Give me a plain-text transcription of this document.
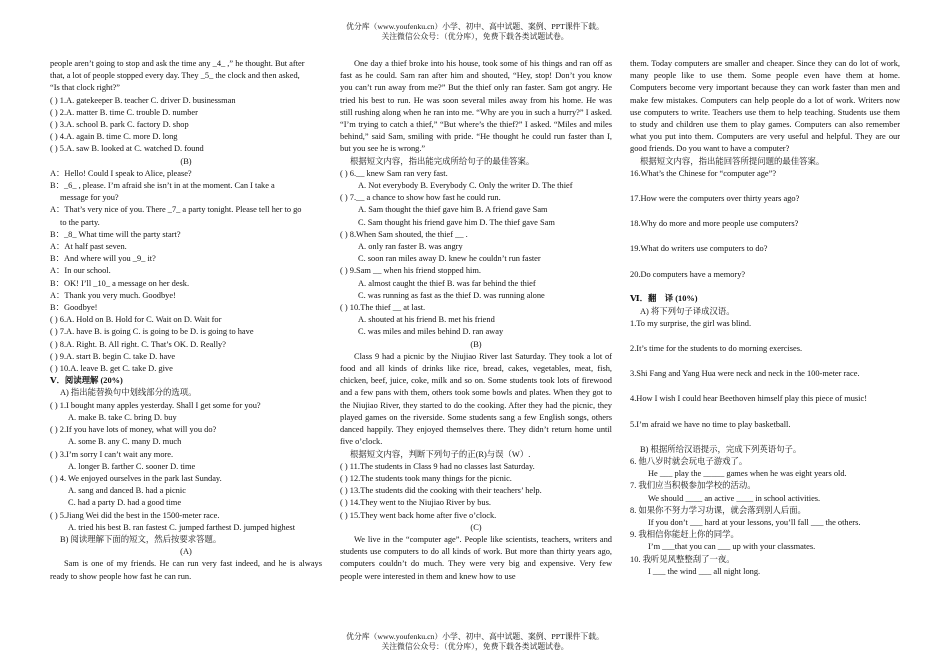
优分库（www.youfenku.cn）小学、初中、高中试题、案例、PPT课件下载。
关注微信公众号：（优分库），免费下载各类试题试卷。
people aren’t going to stop and ask the time any _4_ ,” he thought. But after
that, a lot of people stopped every day. They _5_ the clock and then asked,
“Is that clock right?”
( ) 1.A. gatekeeper B. teacher C. driver D. businessman
( ) 2.A. matter B. time C. trouble D. number
( ) 3.A. school B. park C. factory D. shop
( ) 4.A. again B. time C. more D. long
( ) 5.A. saw B. looked at C. watched D. found
(B)
A：Hello! Could I speak to Alice, please?
B：_6_ , please. I’m afraid she isn’t in at the moment. Can I take a
message for you?
A：That’s very nice of you. There _7_ a party tonight. Please tell her to go
to the party.
B：_8_ What time will the party start?
A：At half past seven.
B：And where will you _9_ it?
A：In our school.
B：OK! I’ll _10_ a message on her desk.
A：Thank you very much. Goodbye!
B：Goodbye!
( ) 6.A. Hold on B. Hold for C. Wait on D. Wait for
( ) 7.A. have B. is going C. is going to be D. is going to have
( ) 8.A. Right. B. All right. C. That’s OK. D. Really?
( ) 9.A. start B. begin C. take D. have
( ) 10.A. leave B. get C. take D. give
Ⅴ．阅读理解 (20%)
A) 指出能替换句中划线部分的选项。
( ) 1.I bought many apples yesterday. Shall I get some for you?
A. make B. take C. bring D. buy
( ) 2.If you have lots of money, what will you do?
A. some B. any C. many D. much
( ) 3.I’m sorry I can’t wait any more.
A. longer B. farther C. sooner D. time
( ) 4. We enjoyed ourselves in the park last Sunday.
A. sang and danced B. had a picnic
C. had a party D. had a good time
( ) 5.Jiang Wei did the best in the 1500-meter race.
A. tried his best B. ran fastest C. jumped farthest D. jumped highest
B) 阅读理解下面的短文，然后按要求答题。
(A)

Sam is one of my friends. He can run very fast indeed, and he is always ready to show people how fast he can run.

One day a thief broke into his house, took some of his things and ran off as fast as he could. Sam ran after him and shouted, “Hey, stop! Don’t you know you can’t run away from me?” But the thief only ran faster. Sam got angry. He tried his best to run. He was soon several miles away from his home. He was still rushing along when he ran into me. “Why are you in such a hurry?” I asked. “I’m trying to catch a thief,” “But where’s the thief?” I asked. “Miles and miles behind,” said Sam, smiling with pride. “He thought he could run faster than I, but you see he is wrong.”

根据短文内容，指出能完成所给句子的最佳答案。
( ) 6.__ knew Sam ran very fast.
A. Not everybody B. Everybody C. Only the writer D. The thief
( ) 7.__ a chance to show how fast he could run.
A. Sam thought the thief gave him B. A friend gave Sam
C. Sam thought his friend gave him D. The thief gave Sam
( ) 8.When Sam shouted, the thief __ .
A. only ran faster B. was angry
C. soon ran miles away D. knew he couldn’t run faster
( ) 9.Sam __ when his friend stopped him.
A. almost caught the thief B. was far behind the thief
C. was running as fast as the thief D. was running alone
( ) 10.The thief __ at last.
A. shouted at his friend B. met his friend
C. was miles and miles behind D. ran away
(B)

Class 9 had a picnic by the Niujiao River last Saturday. They took a lot of food and all kinds of drinks like rice, bread, cakes, vegetables, meat, fish, chicken, beef, juice, coke, milk and so on. Some students took lots of firewood and a few pans with them, others took some bowls and plates. When they got to the Niujiao River, they started to do the cooking. After they had the picnic, they played games on the riverside. Some students sang a few English songs, others danced happily. They enjoyed themselves there. They didn’t return home until five o’clock.

根据短文内容，判断下列句子的正(R)与误（W）.
( ) 11.The students in Class 9 had no classes last Saturday.
( ) 12.The students took many things for the picnic.
( ) 13.The students did the cooking with their teachers’ help.
( ) 14.They went to the Niujiao River by bus.
( ) 15.They went back home after five o’clock.
(C)

We live in the “computer age”. People like scientists, teachers, writers and students use computers to do all kinds of work. But more than thirty years ago, computers couldn’t do much. They were very big and expensive. Very few people were interested in them and knew how to use

them. Today computers are smaller and cheaper. Since they can do lot of work, many people like to use them. Some people even have them at home. Computers become very important because they can work faster than men and make few mistakes. Computers can help people do a lot of work. Writers now use computers to write. Teachers use them to help teaching. Students use them to study and children use them to play games. Computers can also remember what you put into them. Computers are very useful and helpful. They are our good friends. Do you want to have a computer?

根据短文内容，指出能回答所提问题的最佳答案。
16.What’s the Chinese for “computer age”?
17.How were the computers over thirty years ago?
18.Why do more and more people use computers?
19.What do writers use computers to do?
20.Do computers have a memory?
Ⅵ．翻　译 (10%)
A) 将下列句子译成汉语。
1.To my surprise, the girl was blind.
2.It’s time for the students to do morning exercises.
3.Shi Fang and Yang Hua were neck and neck in the 100-meter race.
4.How I wish I could hear Beethoven himself play this piece of music!
5.I’m afraid we have no time to play basketball.
B) 根据所给汉语提示，完成下列英语句子。
6. 他八岁时就会玩电子游戏了。
He ___ play the _____ games when he was eight years old.
7. 我们应当积极参加学校的活动。
We should ____ an active ____ in school activities.
8. 如果你不努力学习功课，就会落到别人后面。
If you don’t ___ hard at your lessons, you’ll fall ___ the others.
9. 我相信你能赶上你的同学。
I’m ___that you can ___ up with your classmates.
10. 我听见风整整刮了一夜。
I ___ the wind ___ all night long.
优分库（www.youfenku.cn）小学、初中、高中试题、案例、PPT课件下载。
关注微信公众号：（优分库），免费下载各类试题试卷。
